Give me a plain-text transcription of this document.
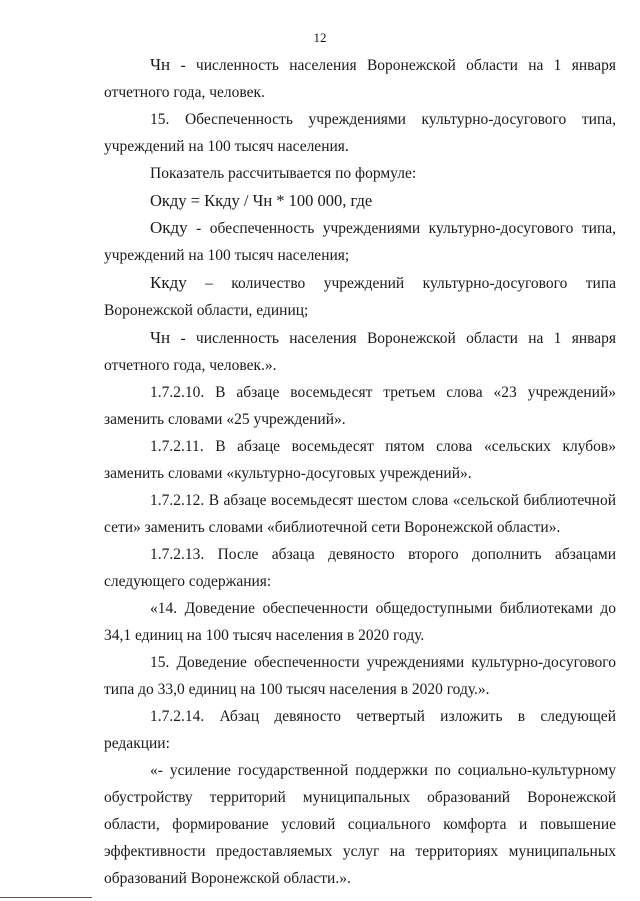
12

Чн - численность населения Воронежской области на 1 января отчетного года, человек.

15. Обеспеченность учреждениями культурно-досугового типа, учреждений на 100 тысяч населения.

Показатель рассчитывается по формуле:

Окду = Ккду / Чн * 100 000, где

Окду - обеспеченность учреждениями культурно-досугового типа, учреждений на 100 тысяч населения;

Ккду – количество учреждений культурно-досугового типа Воронежской области, единиц;

Чн - численность населения Воронежской области на 1 января отчетного года, человек.».

1.7.2.10. В абзаце восемьдесят третьем слова «23 учреждений» заменить словами «25 учреждений».

1.7.2.11. В абзаце восемьдесят пятом слова «сельских клубов» заменить словами «культурно-досуговых учреждений».

1.7.2.12. В абзаце восемьдесят шестом слова «сельской библиотечной сети» заменить словами «библиотечной сети Воронежской области».

1.7.2.13. После абзаца девяносто второго дополнить абзацами следующего содержания:

«14. Доведение обеспеченности общедоступными библиотеками до 34,1 единиц на 100 тысяч населения в 2020 году.

15. Доведение обеспеченности учреждениями культурно-досугового типа до 33,0 единиц на 100 тысяч населения в 2020 году.».

1.7.2.14. Абзац девяносто четвертый изложить в следующей редакции:

«- усиление государственной поддержки по социально-культурному обустройству территорий муниципальных образований Воронежской области, формирование условий социального комфорта и повышение эффективности предоставляемых услуг на территориях муниципальных образований Воронежской области.».
